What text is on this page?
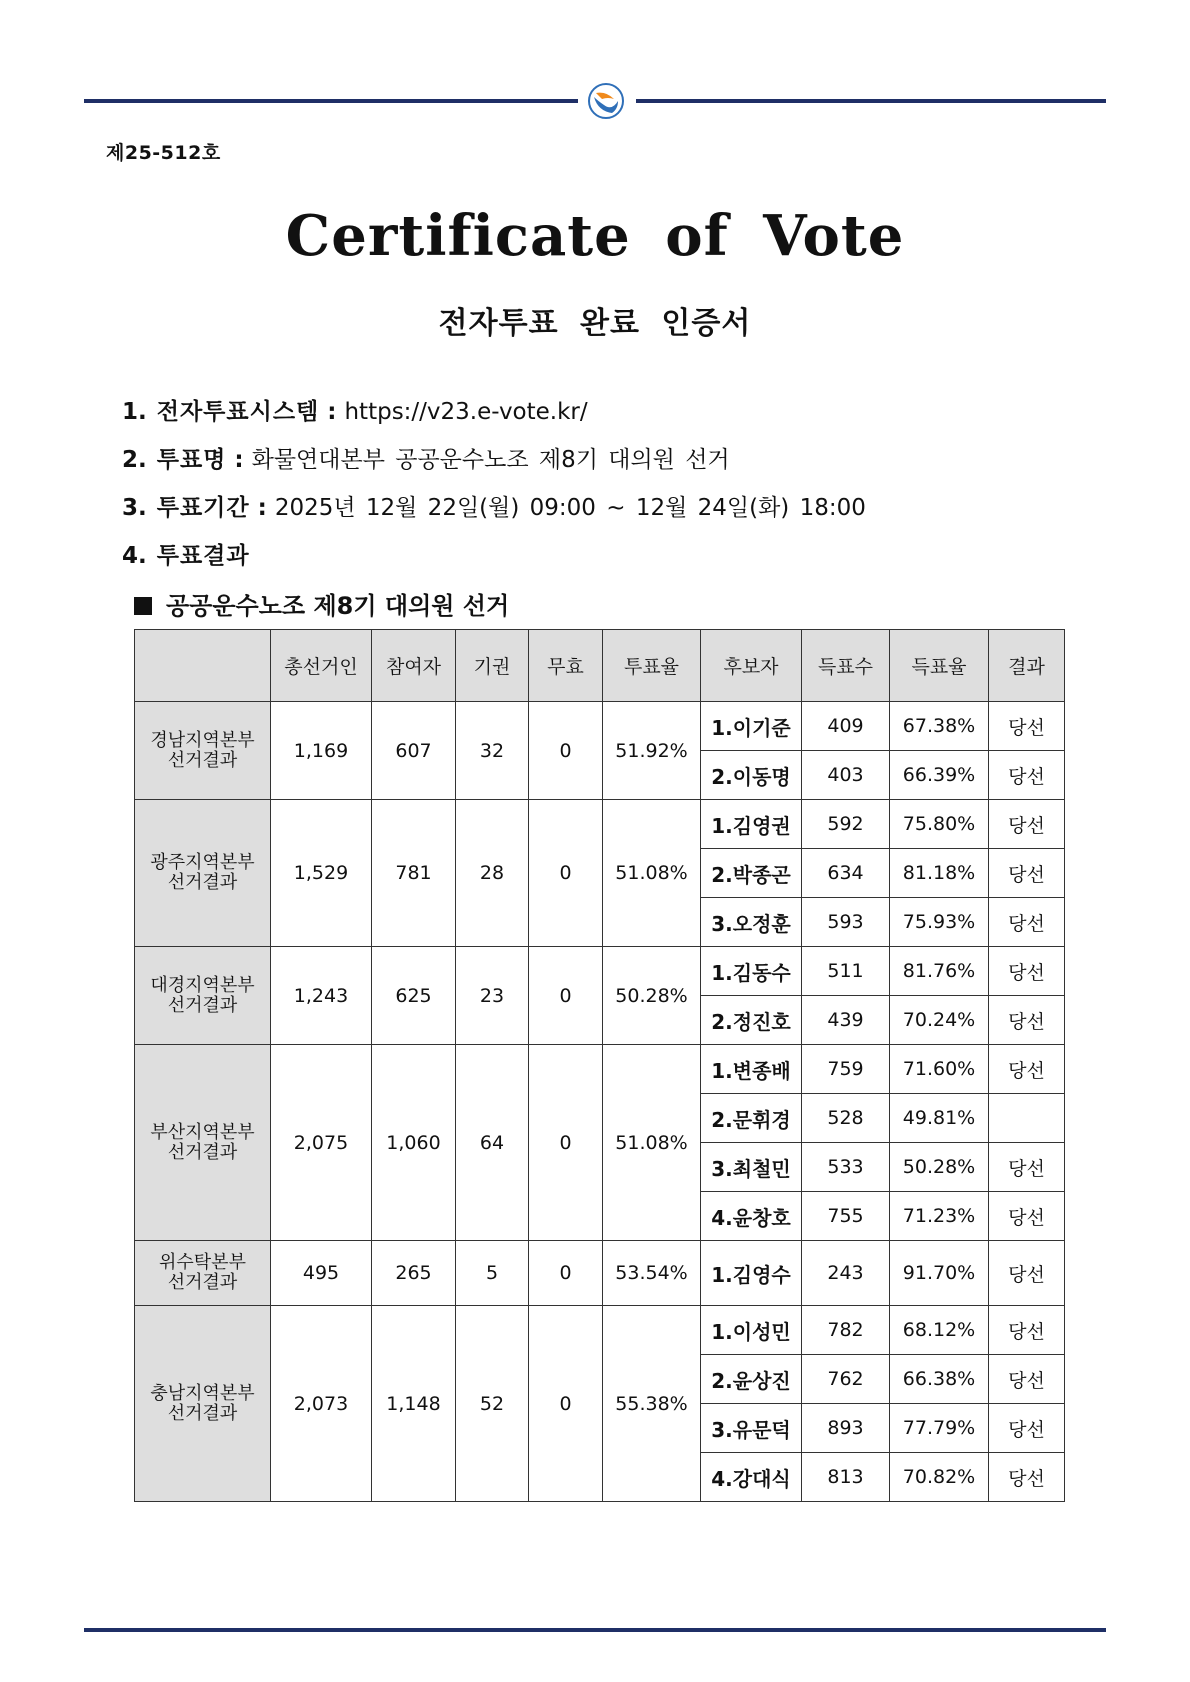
제25-512호
Certificate of Vote
전자투표 완료 인증서
1. 전자투표시스템 : https://v23.e-vote.kr/
2. 투표명 : 화물연대본부 공공운수노조 제8기 대의원 선거
3. 투표기간 : 2025년 12월 22일(월) 09:00 ~ 12월 24일(화) 18:00
4. 투표결과
공공운수노조 제8기 대의원 선거
	총선거인	참여자	기권	무효	투표율	후보자	득표수	득표율	결과

경남지역본부
선거결과	1,169	607	32	0	51.92%	1.이기준	409	67.38%	당선
						2.이동명	403	66.39%	당선

광주지역본부
선거결과	1,529	781	28	0	51.08%	1.김영권	592	75.80%	당선
						2.박종곤	634	81.18%	당선
						3.오정훈	593	75.93%	당선

대경지역본부
선거결과	1,243	625	23	0	50.28%	1.김동수	511	81.76%	당선
						2.정진호	439	70.24%	당선

부산지역본부
선거결과	2,075	1,060	64	0	51.08%	1.변종배	759	71.60%	당선
						2.문휘경	528	49.81%	
						3.최철민	533	50.28%	당선
						4.윤창호	755	71.23%	당선

위수탁본부
선거결과	495	265	5	0	53.54%	1.김영수	243	91.70%	당선

충남지역본부
선거결과	2,073	1,148	52	0	55.38%	1.이성민	782	68.12%	당선
						2.윤상진	762	66.38%	당선
						3.유문덕	893	77.79%	당선
						4.강대식	813	70.82%	당선
